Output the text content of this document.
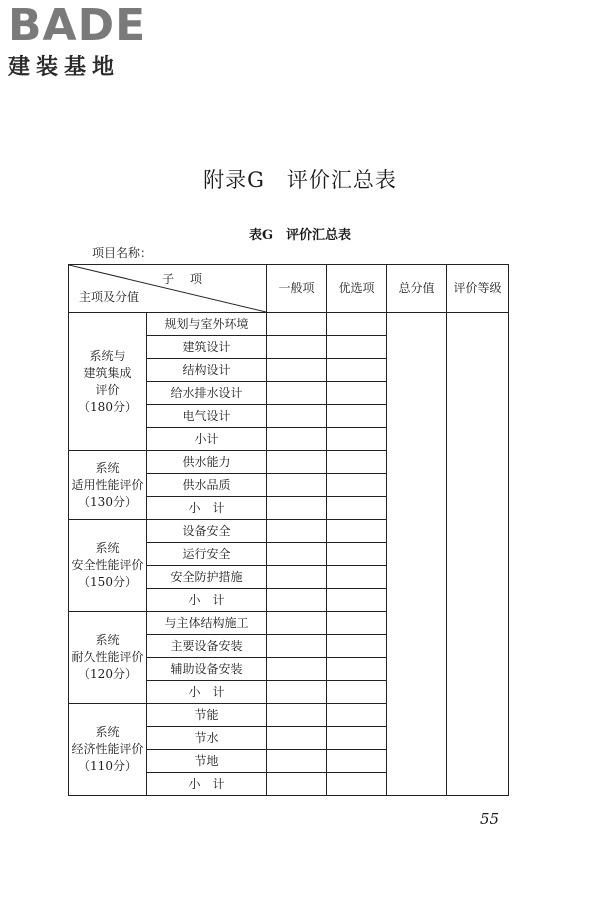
BADE
建装基地
附录G　评价汇总表
表G　评价汇总表
项目名称：
子　项
主项及分值		一般项	优选项	总分值	评价等级

系统与
建筑集成
评价
（180分）	规划与室外环境				
	建筑设计				
	结构设计				
	给水排水设计				
	电气设计				
	小计				

系统
适用性能评价
（130分）	供水能力				
	供水品质				
	小　计				

系统
安全性能评价
（150分）	设备安全				
	运行安全				
	安全防护措施				
	小　计				

系统
耐久性能评价
（120分）	与主体结构施工				
	主要设备安装				
	辅助设备安装				
	小　计				

系统
经济性能评价
（110分）	节能				
	节水				
	节地				
	小　计				
55
